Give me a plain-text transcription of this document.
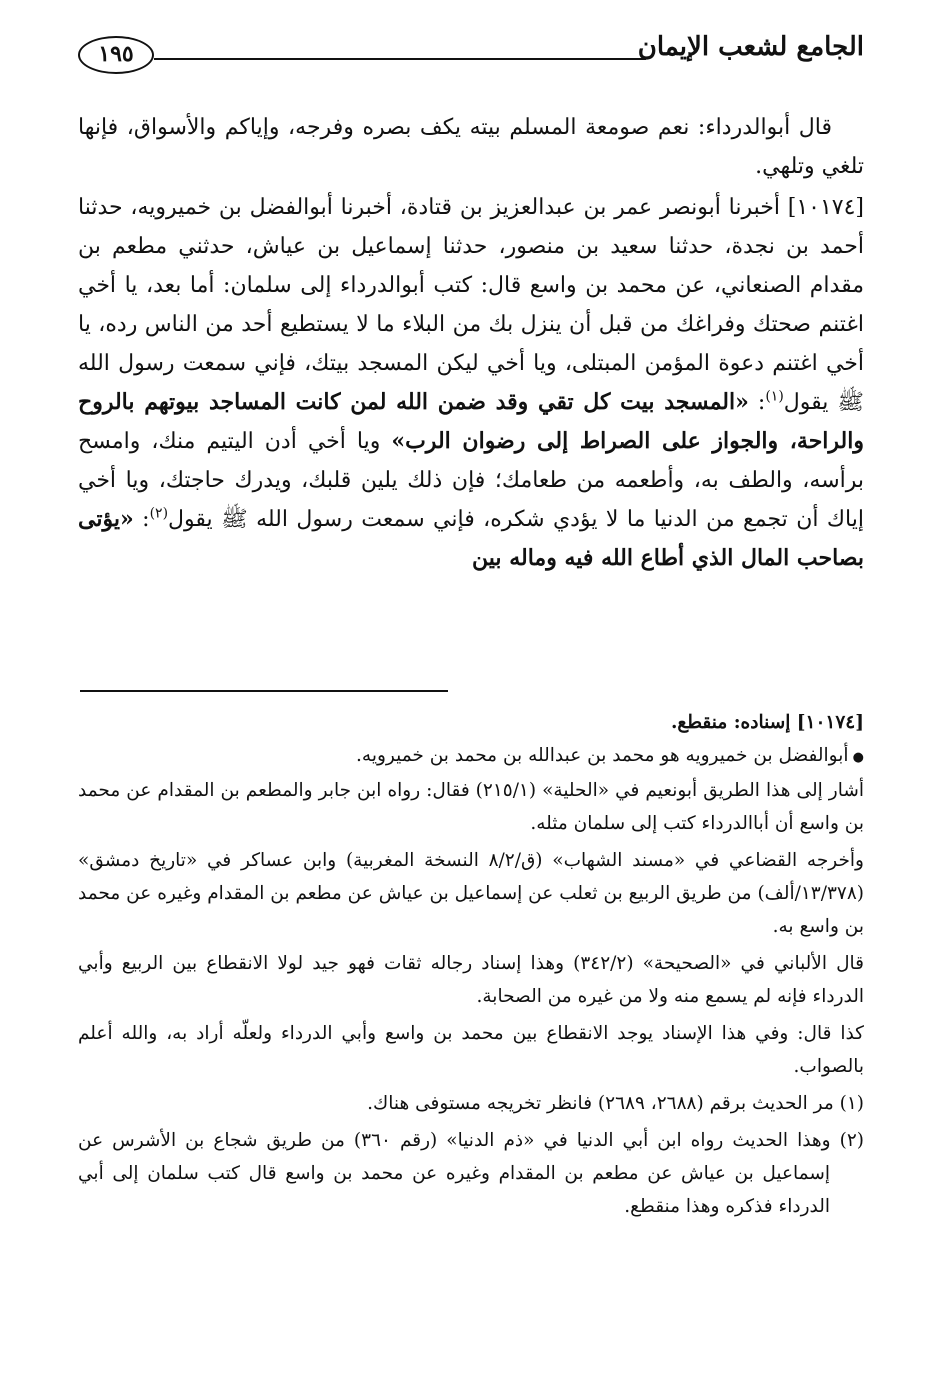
الجامع لشعب الإيمان
١٩٥

قال أبوالدرداء: نعم صومعة المسلم بيته يكف بصره وفرجه، وإياكم والأسواق، فإنها تلغي وتلهي.

[١٠١٧٤] أخبرنا أبونصر عمر بن عبدالعزيز بن قتادة، أخبرنا أبوالفضل بن خميرويه، حدثنا أحمد بن نجدة، حدثنا سعيد بن منصور، حدثنا إسماعيل بن عياش، حدثني مطعم بن مقدام الصنعاني، عن محمد بن واسع قال: كتب أبوالدرداء إلى سلمان: أما بعد، يا أخي اغتنم صحتك وفراغك من قبل أن ينزل بك من البلاء ما لا يستطيع أحد من الناس رده، يا أخي اغتنم دعوة المؤمن المبتلى، ويا أخي ليكن المسجد بيتك، فإني سمعت رسول الله ﷺ يقول$^{(١)}$: «المسجد بيت كل تقي وقد ضمن الله لمن كانت المساجد بيوتهم بالروح والراحة، والجواز على الصراط إلى رضوان الرب» ويا أخي أدن اليتيم منك، وامسح برأسه، والطف به، وأطعمه من طعامك؛ فإن ذلك يلين قلبك، ويدرك حاجتك، ويا أخي إياك أن تجمع من الدنيا ما لا يؤدي شكره، فإني سمعت رسول الله ﷺ يقول$^{(٢)}$: «يؤتى بصاحب المال الذي أطاع الله فيه وماله بين

[١٠١٧٤] إسناده: منقطع.

● أبوالفضل بن خميرويه هو محمد بن عبدالله بن محمد بن خميرويه.

أشار إلى هذا الطريق أبونعيم في «الحلية» (٢١٥/١) فقال: رواه ابن جابر والمطعم بن المقدام عن محمد بن واسع أن أباالدرداء كتب إلى سلمان مثله.

وأخرجه القضاعي في «مسند الشهاب» (ق/٨/٢ النسخة المغربية) وابن عساكر في «تاريخ دمشق» (١٣/٣٧٨/ألف) من طريق الربيع بن ثعلب عن إسماعيل بن عياش عن مطعم بن المقدام وغيره عن محمد بن واسع به.

قال الألباني في «الصحيحة» (٣٤٢/٢) وهذا إسناد رجاله ثقات فهو جيد لولا الانقطاع بين الربيع وأبي الدرداء فإنه لم يسمع منه ولا من غيره من الصحابة.

كذا قال: وفي هذا الإسناد يوجد الانقطاع بين محمد بن واسع وأبي الدرداء ولعلّه أراد به، والله أعلم بالصواب.

(١) مر الحديث برقم (٢٦٨٨، ٢٦٨٩) فانظر تخريجه مستوفى هناك.

(٢) وهذا الحديث رواه ابن أبي الدنيا في «ذم الدنيا» (رقم ٣٦٠) من طريق شجاع بن الأشرس عن إسماعيل بن عياش عن مطعم بن المقدام وغيره عن محمد بن واسع قال كتب سلمان إلى أبي الدرداء فذكره وهذا منقطع.
